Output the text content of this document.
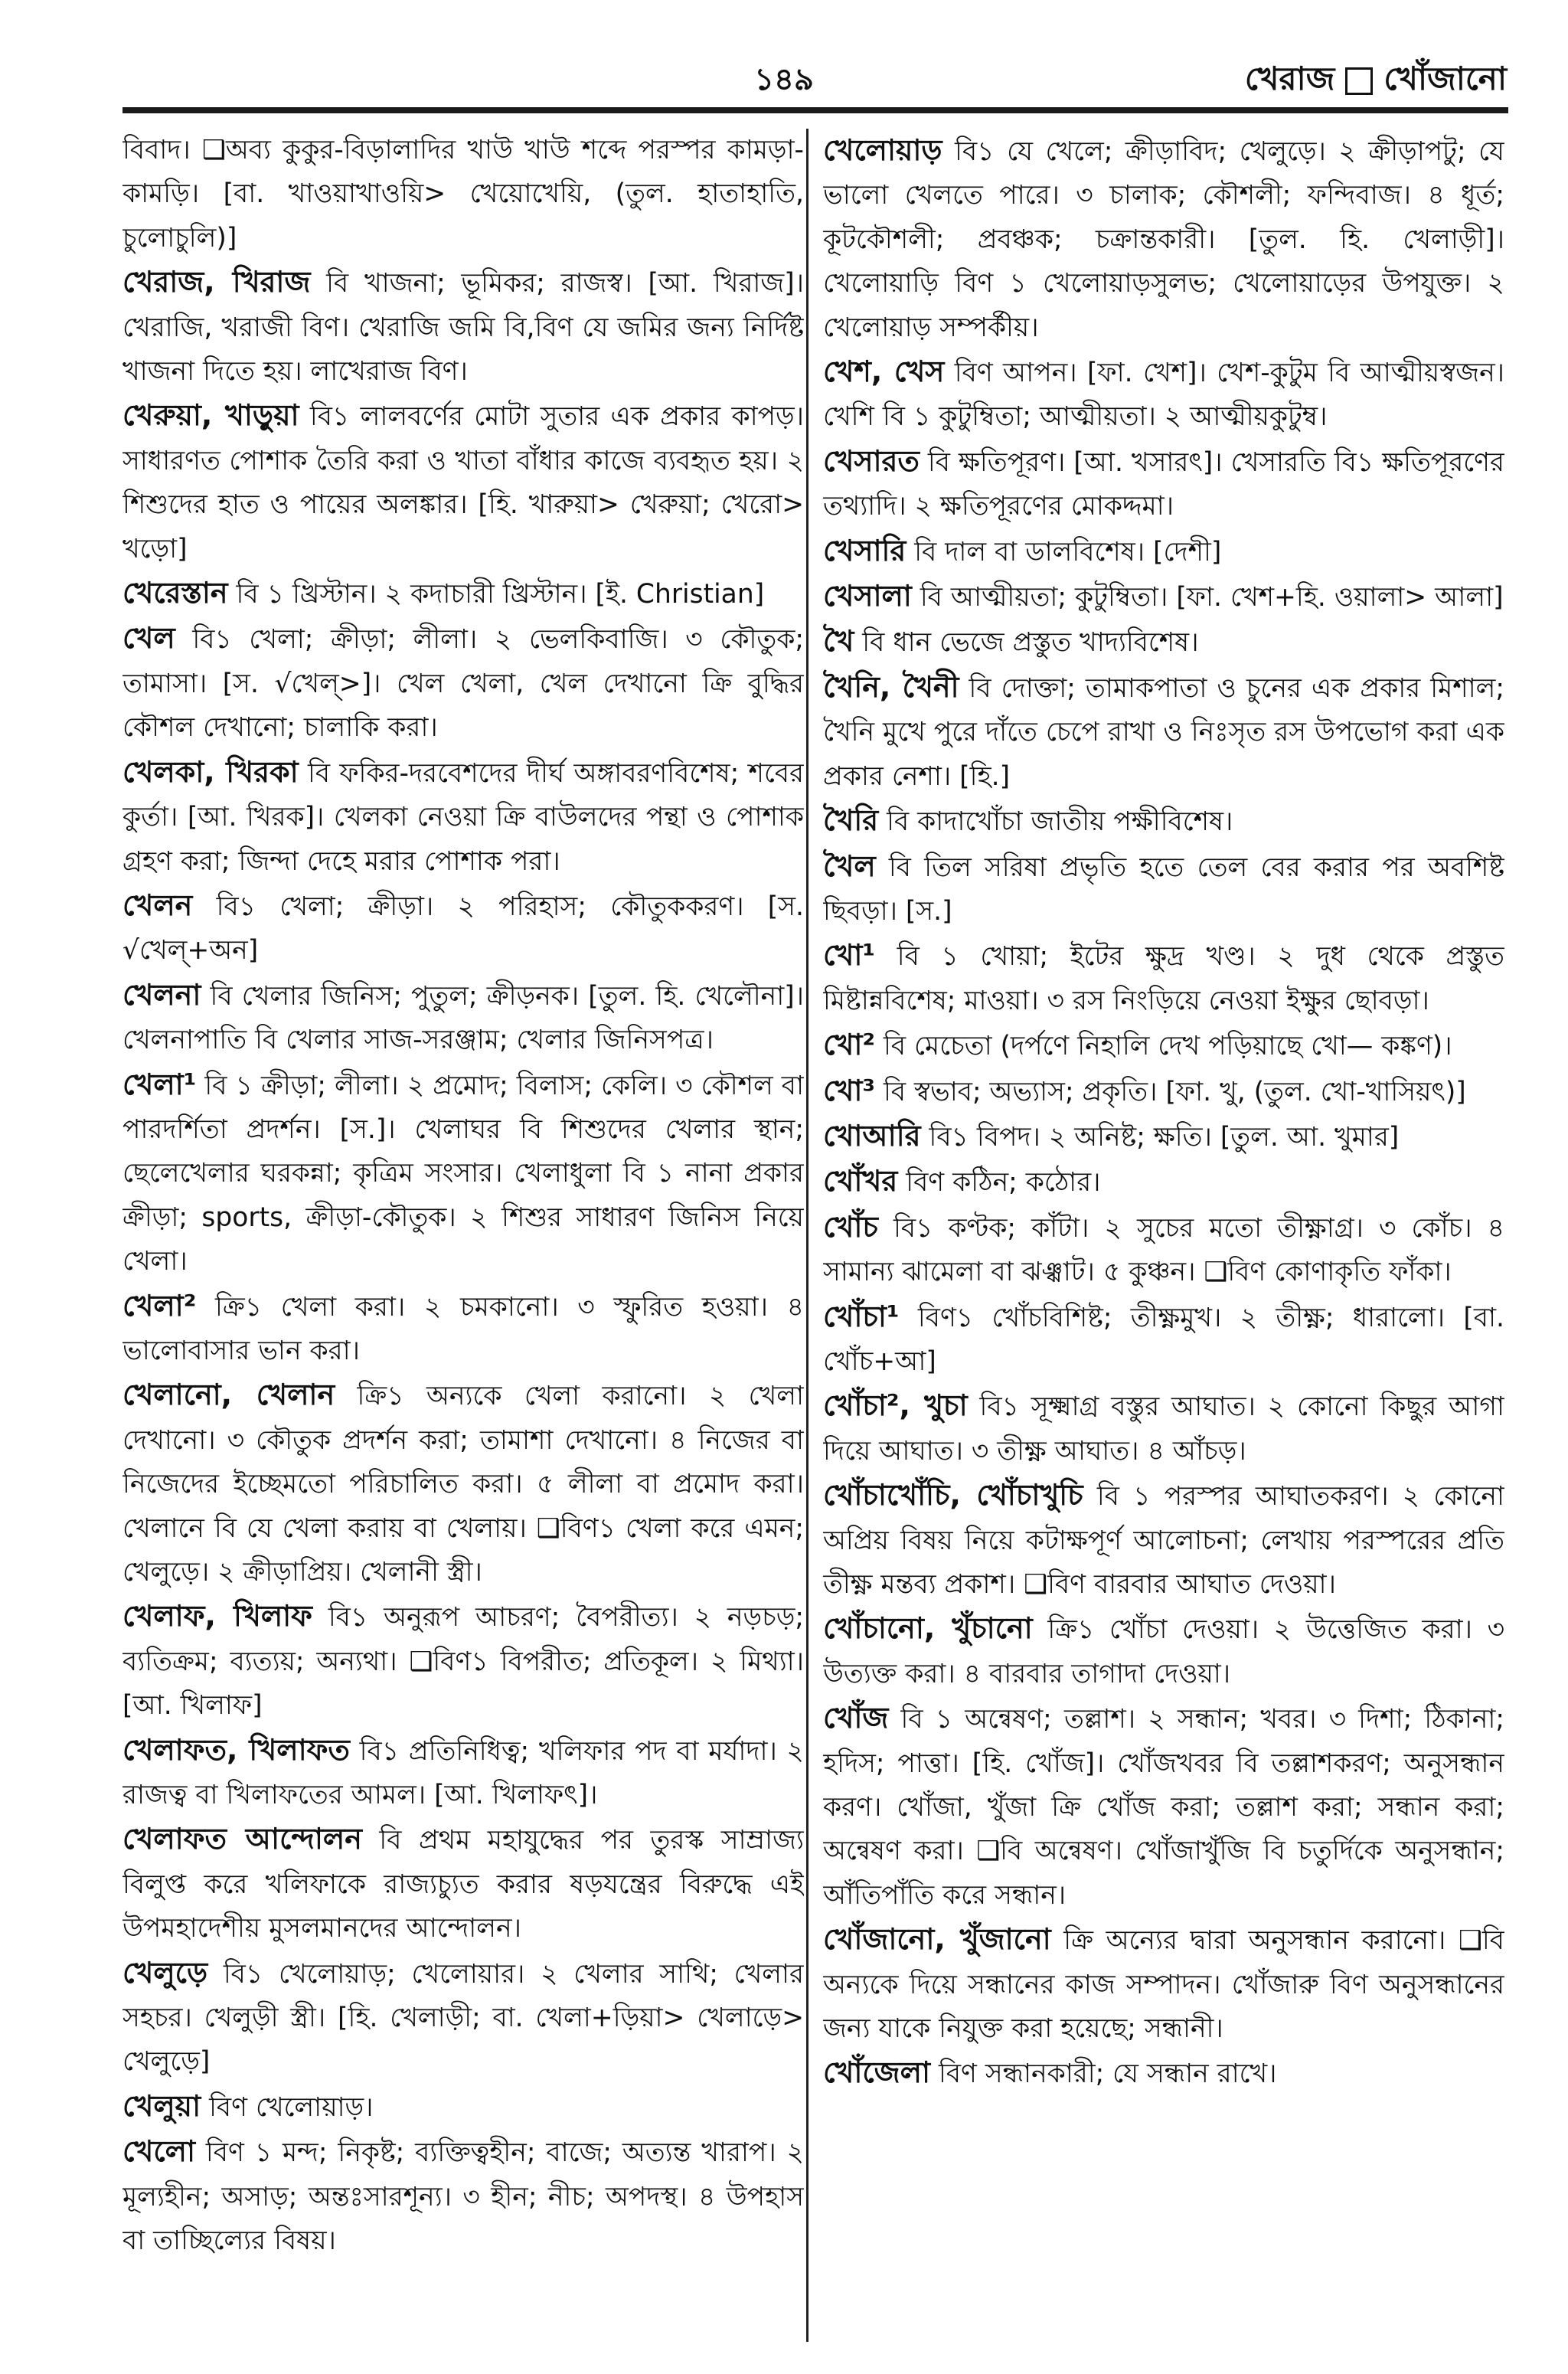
১৪৯	খেরাজ খোঁজানো

বিবাদ। ❑অব্য কুকুর-বিড়ালাদির খাউ খাউ শব্দে পরস্পর কামড়া-কামড়ি। [বা. খাওয়াখাওয়ি> খেয়োখেয়ি, (তুল. হাতাহাতি, চুলোচুলি)]

খেরাজ, খিরাজ বি খাজনা; ভূমিকর; রাজস্ব। [আ. খিরাজ]। খেরাজি, খরাজী বিণ। খেরাজি জমি বি,বিণ যে জমির জন্য নির্দিষ্ট খাজনা দিতে হয়। লাখেরাজ বিণ।

খেরুয়া, খাড়ুয়া বি১ লালবর্ণের মোটা সুতার এক প্রকার কাপড়। সাধারণত পোশাক তৈরি করা ও খাতা বাঁধার কাজে ব্যবহৃত হয়। ২ শিশুদের হাত ও পায়ের অলঙ্কার। [হি. খারুয়া> খেরুয়া; খেরো> খড়ো]

খেরেস্তান বি ১ খ্রিস্টান। ২ কদাচারী খ্রিস্টান। [ই. Christian]

খেল বি১ খেলা; ক্রীড়া; লীলা। ২ ভেলকিবাজি। ৩ কৌতুক; তামাসা। [স. √খেল্>]। খেল খেলা, খেল দেখানো ক্রি বুদ্ধির কৌশল দেখানো; চালাকি করা।

খেলকা, খিরকা বি ফকির-দরবেশদের দীর্ঘ অঙ্গাবরণবিশেষ; শবের কুর্তা। [আ. খিরক]। খেলকা নেওয়া ক্রি বাউলদের পন্থা ও পোশাক গ্রহণ করা; জিন্দা দেহে মরার পোশাক পরা।

খেলন বি১ খেলা; ক্রীড়া। ২ পরিহাস; কৌতুককরণ। [স. √খেল্+অন]

খেলনা বি খেলার জিনিস; পুতুল; ক্রীড়নক। [তুল. হি. খেলৌনা]। খেলনাপাতি বি খেলার সাজ-সরঞ্জাম; খেলার জিনিসপত্র।

খেলা¹ বি ১ ক্রীড়া; লীলা। ২ প্রমোদ; বিলাস; কেলি। ৩ কৌশল বা পারদর্শিতা প্রদর্শন। [স.]। খেলাঘর বি শিশুদের খেলার স্থান; ছেলেখেলার ঘরকন্না; কৃত্রিম সংসার। খেলাধুলা বি ১ নানা প্রকার ক্রীড়া; sports, ক্রীড়া-কৌতুক। ২ শিশুর সাধারণ জিনিস নিয়ে খেলা।

খেলা² ক্রি১ খেলা করা। ২ চমকানো। ৩ স্ফুরিত হওয়া। ৪ ভালোবাসার ভান করা।

খেলানো, খেলান ক্রি১ অন্যকে খেলা করানো। ২ খেলা দেখানো। ৩ কৌতুক প্রদর্শন করা; তামাশা দেখানো। ৪ নিজের বা নিজেদের ইচ্ছেমতো পরিচালিত করা। ৫ লীলা বা প্রমোদ করা। খেলানে বি যে খেলা করায় বা খেলায়। ❑বিণ১ খেলা করে এমন; খেলুড়ে। ২ ক্রীড়াপ্রিয়। খেলানী স্ত্রী।

খেলাফ, খিলাফ বি১ অনুরূপ আচরণ; বৈপরীত্য। ২ নড়চড়; ব্যতিক্রম; ব্যত্যয়; অন্যথা। ❑বিণ১ বিপরীত; প্রতিকূল। ২ মিথ্যা। [আ. খিলাফ]

খেলাফত, খিলাফত বি১ প্রতিনিধিত্ব; খলিফার পদ বা মর্যাদা। ২ রাজত্ব বা খিলাফতের আমল। [আ. খিলাফৎ]।

খেলাফত আন্দোলন বি প্রথম মহাযুদ্ধের পর তুরস্ক সাম্রাজ্য বিলুপ্ত করে খলিফাকে রাজ্যচ্যুত করার ষড়যন্ত্রের বিরুদ্ধে এই উপমহাদেশীয় মুসলমানদের আন্দোলন।

খেলুড়ে বি১ খেলোয়াড়; খেলোয়ার। ২ খেলার সাথি; খেলার সহচর। খেলুড়ী স্ত্রী। [হি. খেলাড়ী; বা. খেলা+ড়িয়া> খেলাড়ে> খেলুড়ে]

খেলুয়া বিণ খেলোয়াড়।

খেলো বিণ ১ মন্দ; নিকৃষ্ট; ব্যক্তিত্বহীন; বাজে; অত্যন্ত খারাপ। ২ মূল্যহীন; অসাড়; অন্তঃসারশূন্য। ৩ হীন; নীচ; অপদস্থ। ৪ উপহাস বা তাচ্ছিল্যের বিষয়।

খেলোয়াড় বি১ যে খেলে; ক্রীড়াবিদ; খেলুড়ে। ২ ক্রীড়াপটু; যে ভালো খেলতে পারে। ৩ চালাক; কৌশলী; ফন্দিবাজ। ৪ ধূর্ত; কূটকৌশলী; প্রবঞ্চক; চক্রান্তকারী। [তুল. হি. খেলাড়ী]। খেলোয়াড়ি বিণ ১ খেলোয়াড়সুলভ; খেলোয়াড়ের উপযুক্ত। ২ খেলোয়াড় সম্পর্কীয়।

খেশ, খেস বিণ আপন। [ফা. খেশ]। খেশ-কুটুম বি আত্মীয়স্বজন। খেশি বি ১ কুটুম্বিতা; আত্মীয়তা। ২ আত্মীয়কুটুম্ব।

খেসারত বি ক্ষতিপূরণ। [আ. খসারৎ]। খেসারতি বি১ ক্ষতিপূরণের তথ্যাদি। ২ ক্ষতিপূরণের মোকদ্দমা।

খেসারি বি দাল বা ডালবিশেষ। [দেশী]

খেসালা বি আত্মীয়তা; কুটুম্বিতা। [ফা. খেশ+হি. ওয়ালা> আলা]

খৈ বি ধান ভেজে প্রস্তুত খাদ্যবিশেষ।

খৈনি, খৈনী বি দোক্তা; তামাকপাতা ও চুনের এক প্রকার মিশাল; খৈনি মুখে পুরে দাঁতে চেপে রাখা ও নিঃসৃত রস উপভোগ করা এক প্রকার নেশা। [হি.]

খৈরি বি কাদাখোঁচা জাতীয় পক্ষীবিশেষ।

খৈল বি তিল সরিষা প্রভৃতি হতে তেল বের করার পর অবশিষ্ট ছিবড়া। [স.]

খো¹ বি ১ খোয়া; ইটের ক্ষুদ্র খণ্ড। ২ দুধ থেকে প্রস্তুত মিষ্টান্নবিশেষ; মাওয়া। ৩ রস নিংড়িয়ে নেওয়া ইক্ষুর ছোবড়া।

খো² বি মেচেতা (দর্পণে নিহালি দেখ পড়িয়াছে খো— কঙ্কণ)।

খো³ বি স্বভাব; অভ্যাস; প্রকৃতি। [ফা. খু, (তুল. খো-খাসিয়ৎ)]

খোআরি বি১ বিপদ। ২ অনিষ্ট; ক্ষতি। [তুল. আ. খুমার]

খোঁখর বিণ কঠিন; কঠোর।

খোঁচ বি১ কণ্টক; কাঁটা। ২ সুচের মতো তীক্ষ্ণাগ্র। ৩ কোঁচ। ৪ সামান্য ঝামেলা বা ঝঞ্ঝাট। ৫ কুঞ্চন। ❑বিণ কোণাকৃতি ফাঁকা।

খোঁচা¹ বিণ১ খোঁচবিশিষ্ট; তীক্ষ্ণমুখ। ২ তীক্ষ্ণ; ধারালো। [বা. খোঁচ+আ]

খোঁচা², খুচা বি১ সূক্ষ্মাগ্র বস্তুর আঘাত। ২ কোনো কিছুর আগা দিয়ে আঘাত। ৩ তীক্ষ্ণ আঘাত। ৪ আঁচড়।

খোঁচাখোঁচি, খোঁচাখুচি বি ১ পরস্পর আঘাতকরণ। ২ কোনো অপ্রিয় বিষয় নিয়ে কটাক্ষপূর্ণ আলোচনা; লেখায় পরস্পরের প্রতি তীক্ষ্ণ মন্তব্য প্রকাশ। ❑বিণ বারবার আঘাত দেওয়া।

খোঁচানো, খুঁচানো ক্রি১ খোঁচা দেওয়া। ২ উত্তেজিত করা। ৩ উত্যক্ত করা। ৪ বারবার তাগাদা দেওয়া।

খোঁজ বি ১ অন্বেষণ; তল্লাশ। ২ সন্ধান; খবর। ৩ দিশা; ঠিকানা; হদিস; পাত্তা। [হি. খোঁজ]। খোঁজখবর বি তল্লাশকরণ; অনুসন্ধান করণ। খোঁজা, খুঁজা ক্রি খোঁজ করা; তল্লাশ করা; সন্ধান করা; অন্বেষণ করা। ❑বি অন্বেষণ। খোঁজাখুঁজি বি চতুর্দিকে অনুসন্ধান; আঁতিপাঁতি করে সন্ধান।

খোঁজানো, খুঁজানো ক্রি অন্যের দ্বারা অনুসন্ধান করানো। ❑বি অন্যকে দিয়ে সন্ধানের কাজ সম্পাদন। খোঁজারু বিণ অনুসন্ধানের জন্য যাকে নিযুক্ত করা হয়েছে; সন্ধানী।

খোঁজেলা বিণ সন্ধানকারী; যে সন্ধান রাখে।
